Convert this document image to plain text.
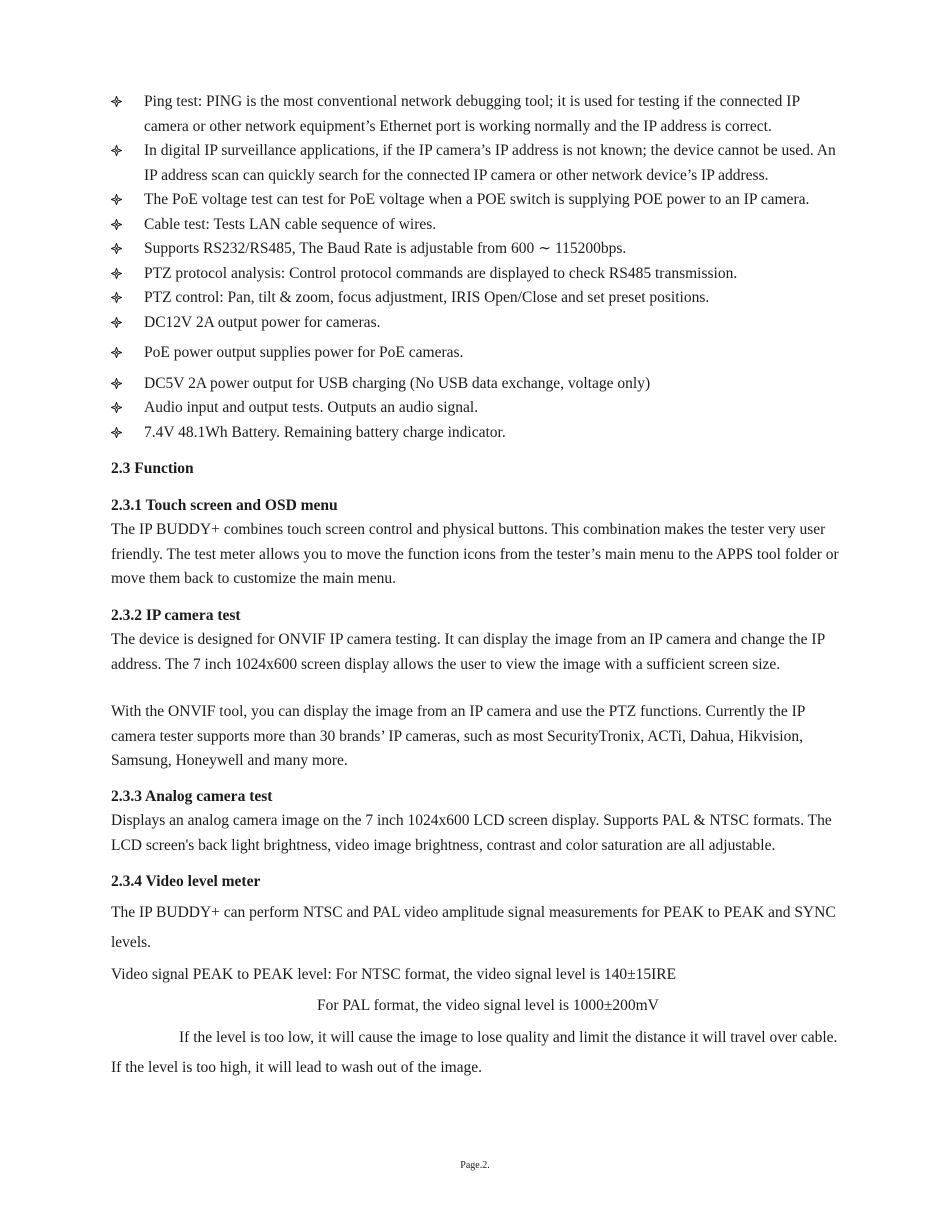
Ping test: PING is the most conventional network debugging tool; it is used for testing if the connected IP camera or other network equipment’s Ethernet port is working normally and the IP address is correct.
In digital IP surveillance applications, if the IP camera’s IP address is not known; the device cannot be used. An IP address scan can quickly search for the connected IP camera or other network device’s IP address.
The PoE voltage test can test for PoE voltage when a POE switch is supplying POE power to an IP camera.
Cable test: Tests LAN cable sequence of wires.
Supports RS232/RS485, The Baud Rate is adjustable from 600 ∼ 115200bps.
PTZ protocol analysis: Control protocol commands are displayed to check RS485 transmission.
PTZ control: Pan, tilt & zoom, focus adjustment, IRIS Open/Close and set preset positions.
DC12V 2A output power for cameras.
PoE power output supplies power for PoE cameras.
DC5V 2A power output for USB charging (No USB data exchange, voltage only)
Audio input and output tests. Outputs an audio signal.
7.4V 48.1Wh Battery. Remaining battery charge indicator.
2.3 Function
2.3.1 Touch screen and OSD menu

The IP BUDDY+ combines touch screen control and physical buttons. This combination makes the tester very user friendly. The test meter allows you to move the function icons from the tester’s main menu to the APPS tool folder or move them back to customize the main menu.

2.3.2 IP camera test

The device is designed for ONVIF IP camera testing. It can display the image from an IP camera and change the IP address. The 7 inch 1024x600 screen display allows the user to view the image with a sufficient screen size.

With the ONVIF tool, you can display the image from an IP camera and use the PTZ functions. Currently the IP camera tester supports more than 30 brands’ IP cameras, such as most SecurityTronix, ACTi, Dahua, Hikvision, Samsung, Honeywell and many more.

2.3.3 Analog camera test

Displays an analog camera image on the 7 inch 1024x600 LCD screen display. Supports PAL & NTSC formats. The LCD screen's back light brightness, video image brightness, contrast and color saturation are all adjustable.

2.3.4 Video level meter

The IP BUDDY+ can perform NTSC and PAL video amplitude signal measurements for PEAK to PEAK and SYNC levels.

Video signal PEAK to PEAK level: For NTSC format, the video signal level is 140±15IRE

For PAL format, the video signal level is 1000±200mV

If the level is too low, it will cause the image to lose quality and limit the distance it will travel over cable. If the level is too high, it will lead to wash out of the image.

Page.2.
